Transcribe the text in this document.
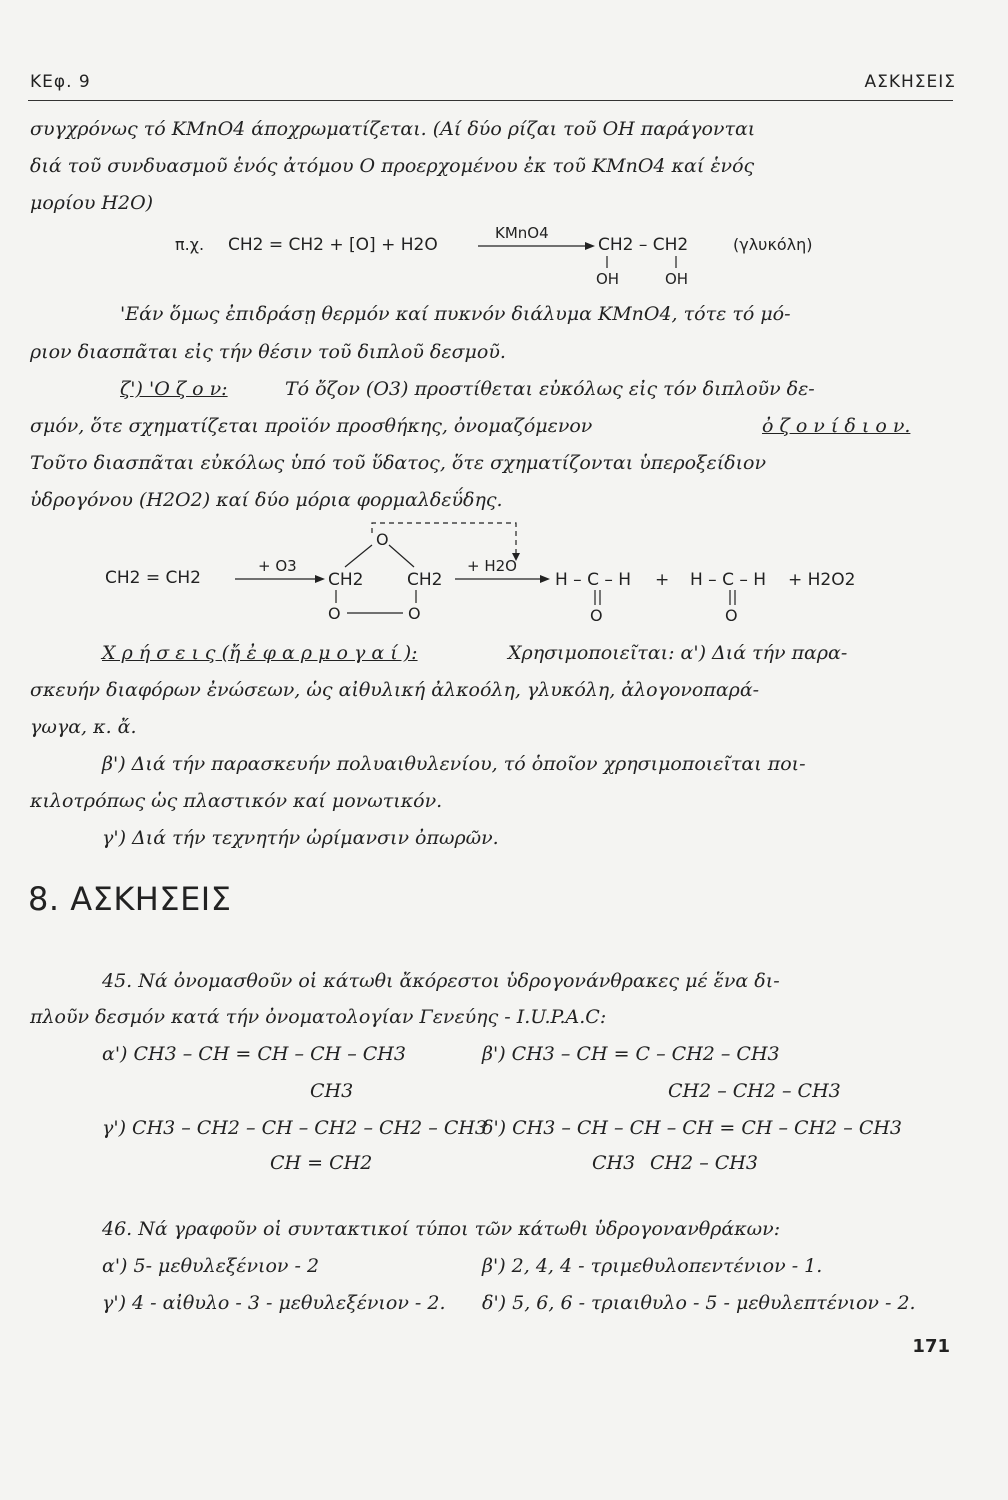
ΚΕφ. 9	ΑΣΚΗΣΕΙΣ
συγχρόνως τό ΚΜnO4 άποχρωματίζεται. (Αί δύο ρίζαι τοῦ OH παράγονται
διά τοῦ συνδυασμοῦ ἑνός ἀτόμου O προερχομένου ἐκ τοῦ ΚΜnO4 καί ἑνός
μορίου H2O)
π.χ. CH2 = CH2 + [O] + H2O
KMnO4
CH2 – CH2
OH	OH
(γλυκόλη)
'Εάν ὅμως ἐπιδράσῃ θερμόν καί πυκνόν διάλυμα ΚΜnO4, τότε τό μό-
ριον διασπᾶται εἰς τήν θέσιν τοῦ διπλοῦ δεσμοῦ.
ζ') 'Ο ζ ο ν:	Τό ὄζον (O3) προστίθεται εὐκόλως εἰς τόν διπλοῦν δε-
σμόν, ὅτε σχηματίζεται προϊόν προσθήκης, ὀνομαζόμενον	ὀ ζ ο ν ί δ ι ο ν.
Τοῦτο διασπᾶται εὐκόλως ὑπό τοῦ ὕδατος, ὅτε σχηματίζονται ὑπεροξείδιον
ὑδρογόνου (H2O2) καί δύο μόρια φορμαλδεΰδης.
CH2 = CH2
+ O3
CH2	CH2
O
O	O
+ H2O
H – C – H
O
+ H – C – H
O
+ H2O2
Χ ρ ή σ ε ι ς (ἤ ἐ φ α ρ μ ο γ α ί ):	Χρησιμοποιεῖται: α') Διά τήν παρα-
σκευήν διαφόρων ἐνώσεων, ὡς αἰθυλική ἀλκοόλη, γλυκόλη, ἀλογονοπαρά-
γωγα, κ. ἄ.
β') Διά τήν παρασκευήν πολυαιθυλενίου, τό ὁποῖον χρησιμοποιεῖται ποι-
κιλοτρόπως ὡς πλαστικόν καί μονωτικόν.
γ') Διά τήν τεχνητήν ὠρίμανσιν ὀπωρῶν.
8. ΑΣΚΗΣΕΙΣ
45. Νά ὀνομασθοῦν οἱ κάτωθι ἄκόρεστοι ὑδρογονάνθρακες μέ ἕνα δι-
πλοῦν δεσμόν κατά τήν ὀνοματολογίαν Γενεύης - I.U.P.A.C:
α') CH3 – CH = CH – CH – CH3
CH3
β') CH3 – CH = C – CH2 – CH3
CH2 – CH2 – CH3
γ') CH3 – CH2 – CH – CH2 – CH2 – CH3
CH = CH2
δ') CH3 – CH – CH – CH = CH – CH2 – CH3
CH3 CH2 – CH3
46. Νά γραφοῦν οἱ συντακτικοί τύποι τῶν κάτωθι ὑδρογονανθράκων:
α') 5- μεθυλεξένιον - 2	β') 2, 4, 4 - τριμεθυλοπεντένιον - 1.
γ') 4 - αἰθυλο - 3 - μεθυλεξένιον - 2. δ') 5, 6, 6 - τριαιθυλο - 5 - μεθυλεπτένιον - 2.
171
